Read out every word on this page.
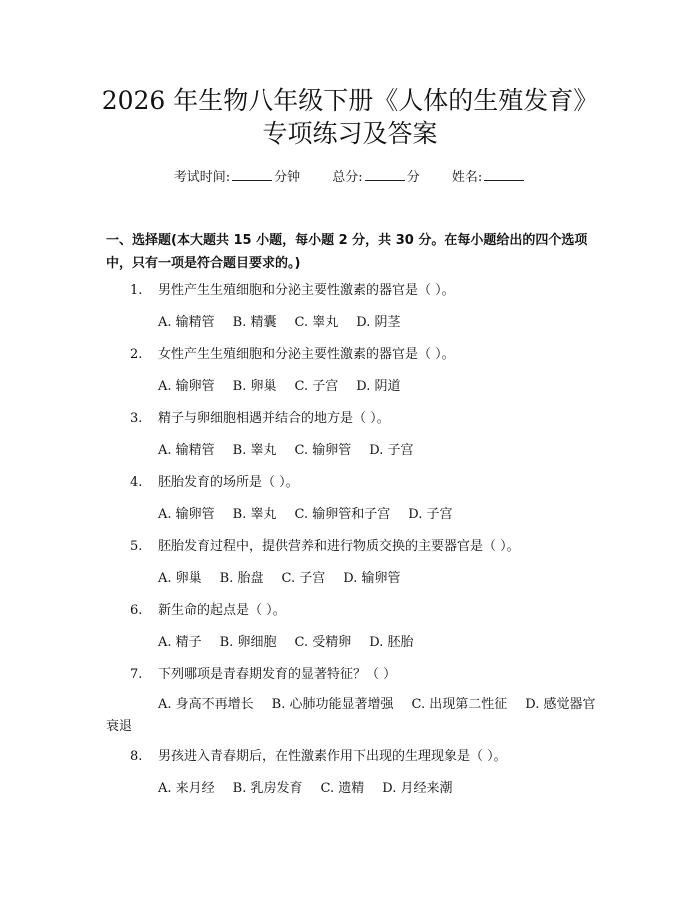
2026 年生物八年级下册《人体的生殖发育》
专项练习及答案
考试时间:	分钟 总分:	分 姓名:
一、选择题(本大题共 15 小题，每小题 2 分，共 30 分。在每小题给出的四个选项中，只有一项是符合题目要求的。)
1. 男性产生生殖细胞和分泌主要性激素的器官是（ ）。
A. 输精管 B. 精囊 C. 睾丸 D. 阴茎
2. 女性产生生殖细胞和分泌主要性激素的器官是（ ）。
A. 输卵管 B. 卵巢 C. 子宫 D. 阴道
3. 精子与卵细胞相遇并结合的地方是（ ）。
A. 输精管 B. 睾丸 C. 输卵管 D. 子宫
4. 胚胎发育的场所是（ ）。
A. 输卵管 B. 睾丸 C. 输卵管和子宫 D. 子宫
5. 胚胎发育过程中，提供营养和进行物质交换的主要器官是（ ）。
A. 卵巢 B. 胎盘 C. 子宫 D. 输卵管
6. 新生命的起点是（ ）。
A. 精子 B. 卵细胞 C. 受精卵 D. 胚胎
7. 下列哪项是青春期发育的显著特征？（ ）
A. 身高不再增长 B. 心肺功能显著增强 C. 出现第二性征 D. 感觉器官衰退
8. 男孩进入青春期后，在性激素作用下出现的生理现象是（ ）。
A. 来月经 B. 乳房发育 C. 遗精 D. 月经来潮
